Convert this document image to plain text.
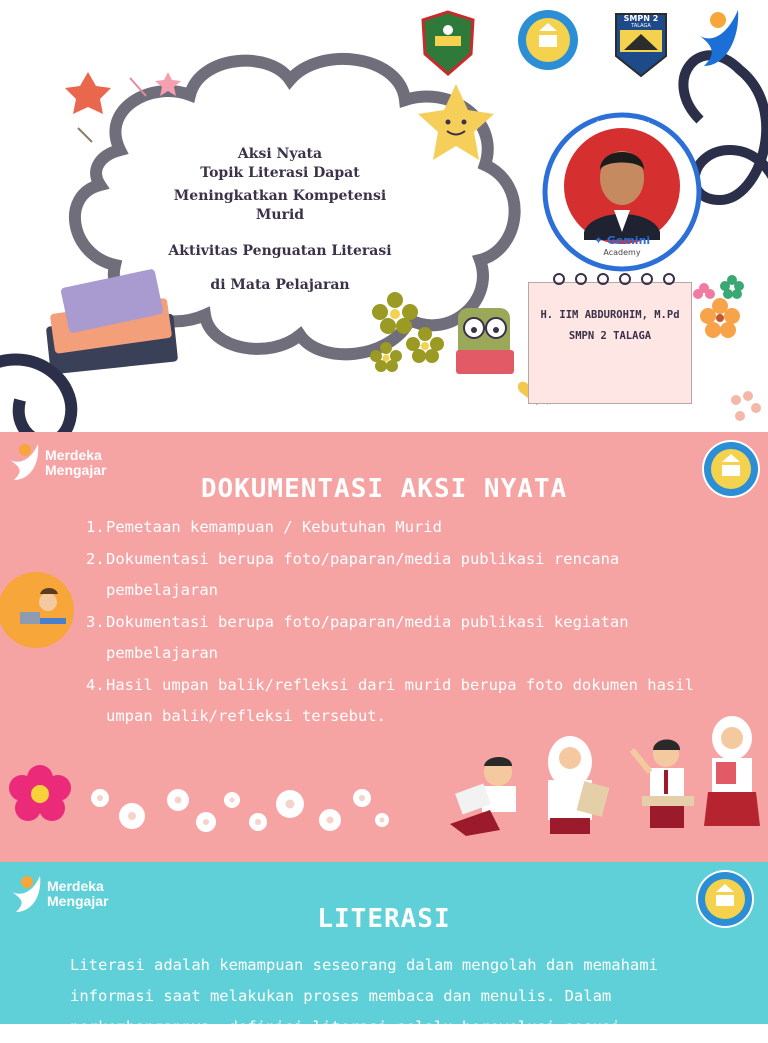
Aksi Nyata
Topik Literasi Dapat
Meningkatkan Kompetensi Murid
Aktivitas Penguatan Literasi
di Mata Pelajaran
SMPN 2
TALAGA
#GeminiAcademy
✦ Gemini
Academy
H. IIM ABDUROHIM, M.Pd
SMPN 2 TALAGA
Merdeka
Mengajar
DOKUMENTASI AKSI NYATA
1. Pemetaan kemampuan / Kebutuhan Murid
2. Dokumentasi berupa foto/paparan/media publikasi rencana pembelajaran
3. Dokumentasi berupa foto/paparan/media publikasi kegiatan pembelajaran
4. Hasil umpan balik/refleksi dari murid berupa foto dokumen hasil umpan balik/refleksi tersebut.
Merdeka
Mengajar
LITERASI
Literasi adalah kemampuan seseorang dalam mengolah dan memahami informasi saat melakukan proses membaca dan menulis. Dalam perkembangannya, definisi literasi selalu berevolusi sesuai
